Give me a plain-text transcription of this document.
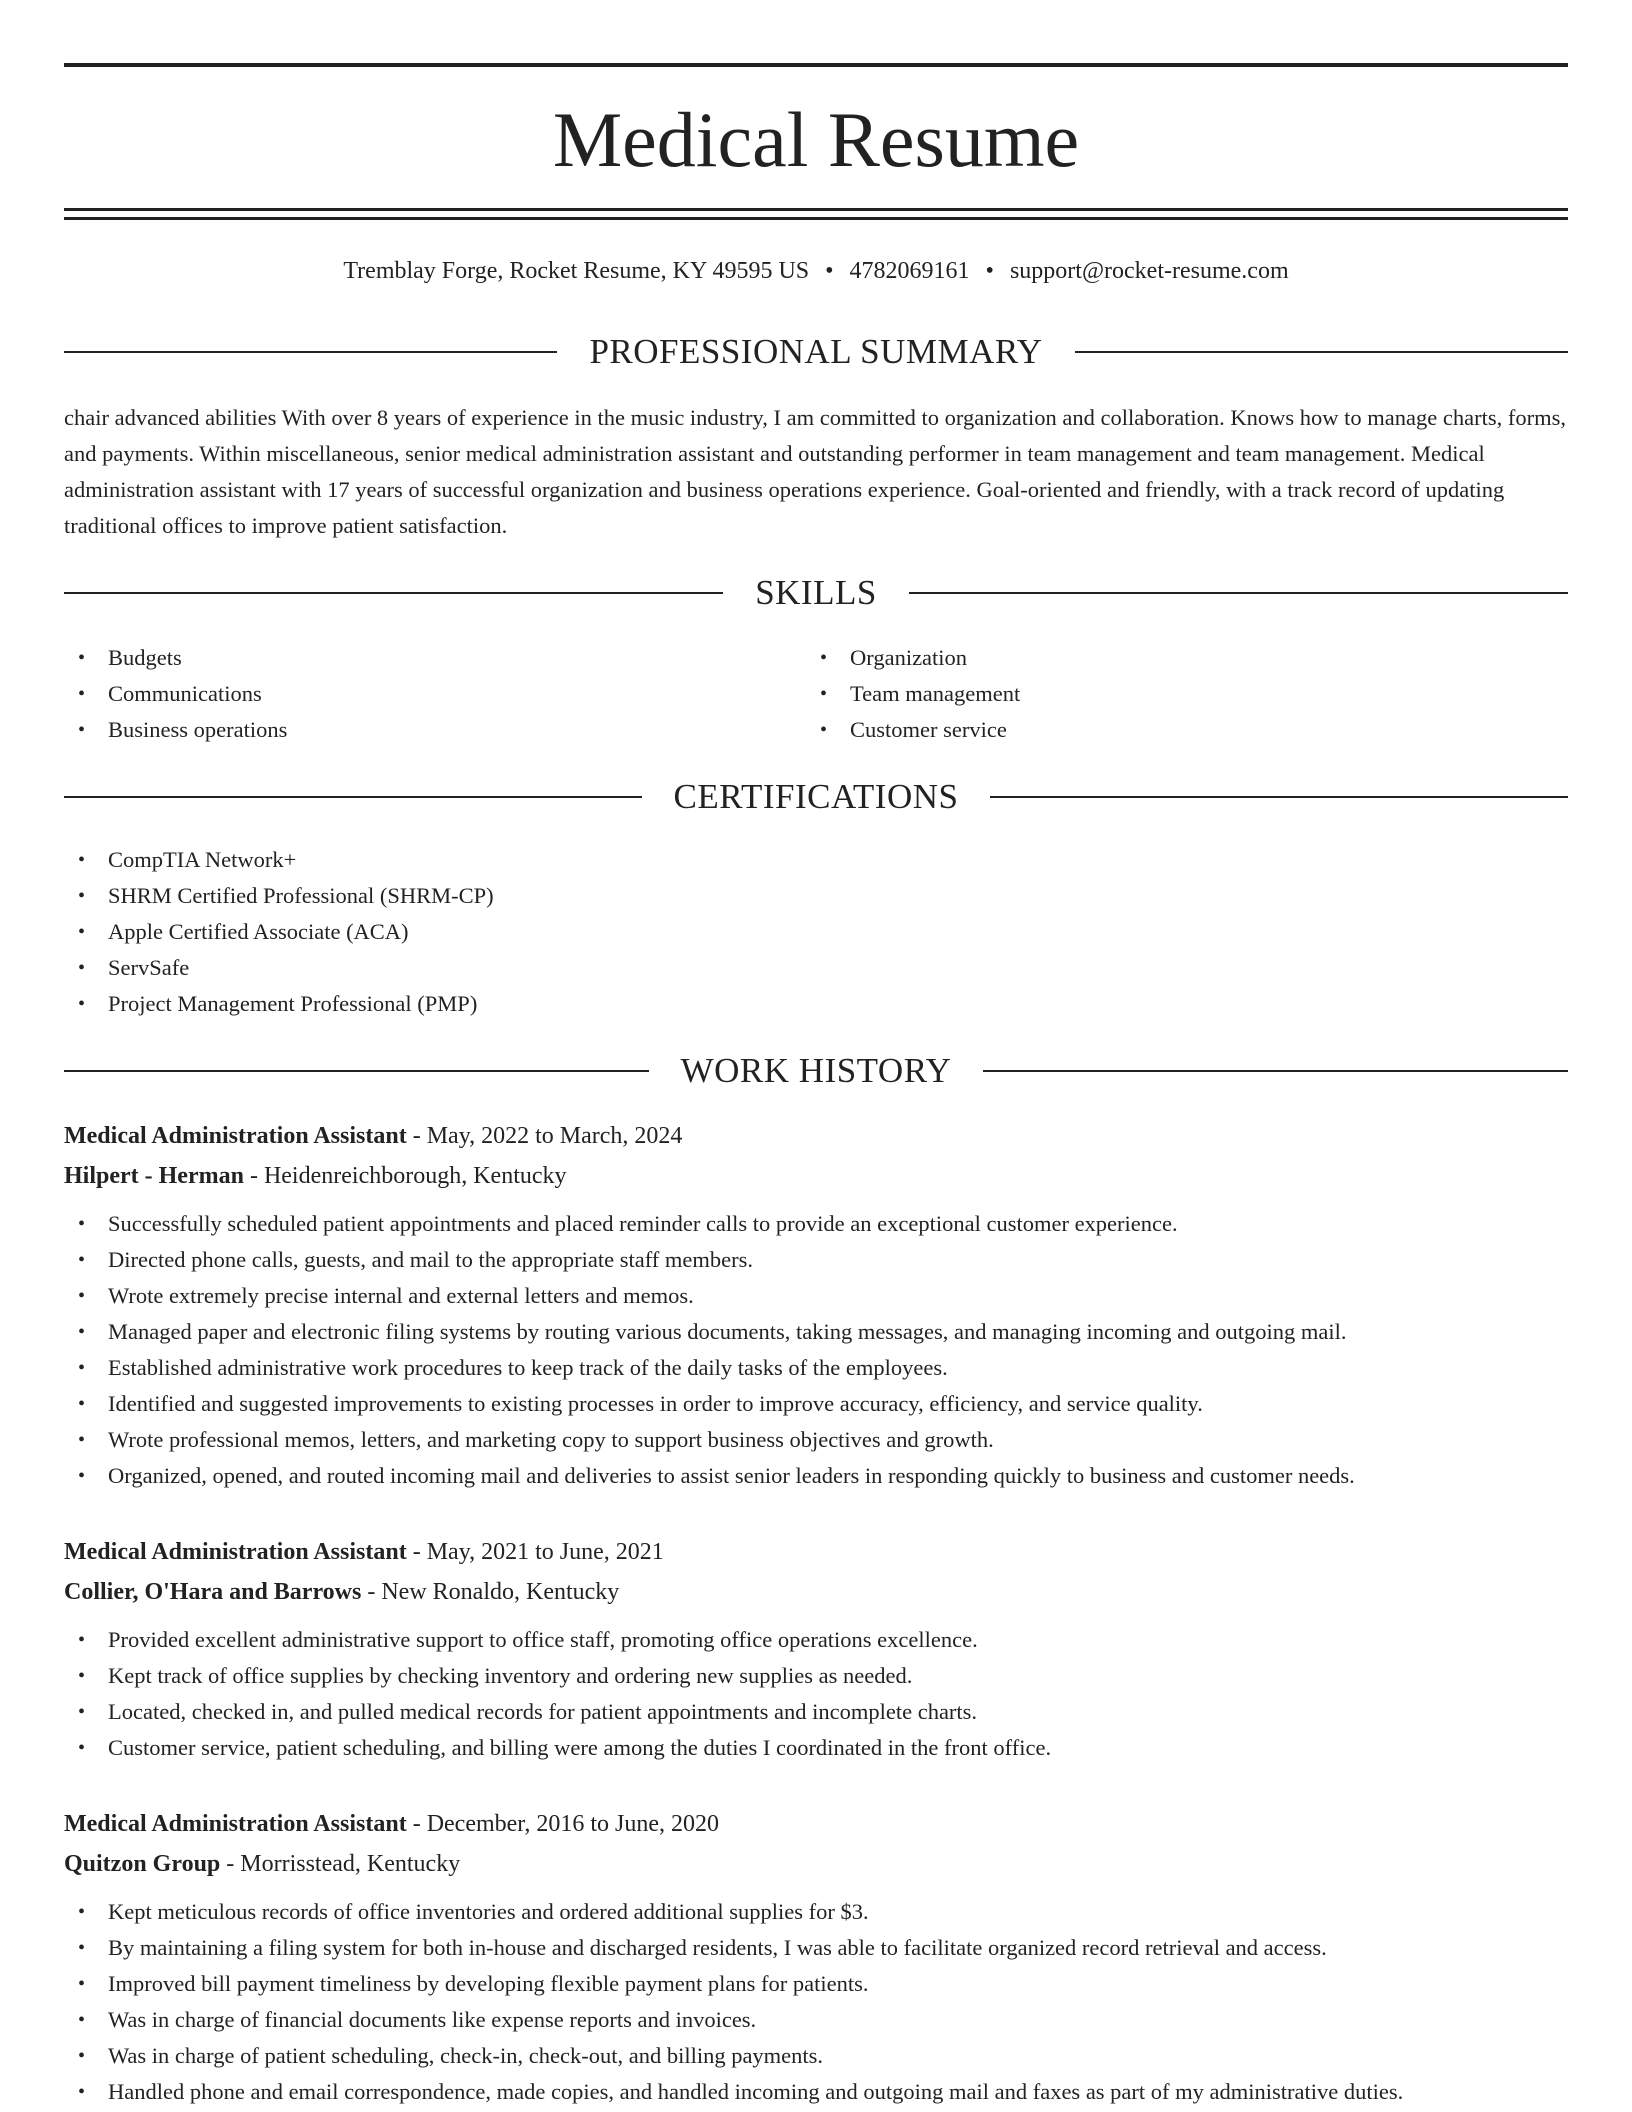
Medical Resume
Tremblay Forge, Rocket Resume, KY 49595 US • 4782069161 • support@rocket-resume.com
PROFESSIONAL SUMMARY

chair advanced abilities With over 8 years of experience in the music industry, I am committed to organization and collaboration. Knows how to manage charts, forms, and payments. Within miscellaneous, senior medical administration assistant and outstanding performer in team management and team management. Medical administration assistant with 17 years of successful organization and business operations experience. Goal-oriented and friendly, with a track record of updating traditional offices to improve patient satisfaction.

SKILLS
• Budgets
• Communications
• Business operations
• Organization
• Team management
• Customer service
CERTIFICATIONS
• CompTIA Network+
• SHRM Certified Professional (SHRM-CP)
• Apple Certified Associate (ACA)
• ServSafe
• Project Management Professional (PMP)
WORK HISTORY
Medical Administration Assistant - May, 2022 to March, 2024
Hilpert - Herman - Heidenreichborough, Kentucky
• Successfully scheduled patient appointments and placed reminder calls to provide an exceptional customer experience.
• Directed phone calls, guests, and mail to the appropriate staff members.
• Wrote extremely precise internal and external letters and memos.
• Managed paper and electronic filing systems by routing various documents, taking messages, and managing incoming and outgoing mail.
• Established administrative work procedures to keep track of the daily tasks of the employees.
• Identified and suggested improvements to existing processes in order to improve accuracy, efficiency, and service quality.
• Wrote professional memos, letters, and marketing copy to support business objectives and growth.
• Organized, opened, and routed incoming mail and deliveries to assist senior leaders in responding quickly to business and customer needs.
Medical Administration Assistant - May, 2021 to June, 2021
Collier, O'Hara and Barrows - New Ronaldo, Kentucky
• Provided excellent administrative support to office staff, promoting office operations excellence.
• Kept track of office supplies by checking inventory and ordering new supplies as needed.
• Located, checked in, and pulled medical records for patient appointments and incomplete charts.
• Customer service, patient scheduling, and billing were among the duties I coordinated in the front office.
Medical Administration Assistant - December, 2016 to June, 2020
Quitzon Group - Morrisstead, Kentucky
• Kept meticulous records of office inventories and ordered additional supplies for $3.
• By maintaining a filing system for both in-house and discharged residents, I was able to facilitate organized record retrieval and access.
• Improved bill payment timeliness by developing flexible payment plans for patients.
• Was in charge of financial documents like expense reports and invoices.
• Was in charge of patient scheduling, check-in, check-out, and billing payments.
• Handled phone and email correspondence, made copies, and handled incoming and outgoing mail and faxes as part of my administrative duties.
